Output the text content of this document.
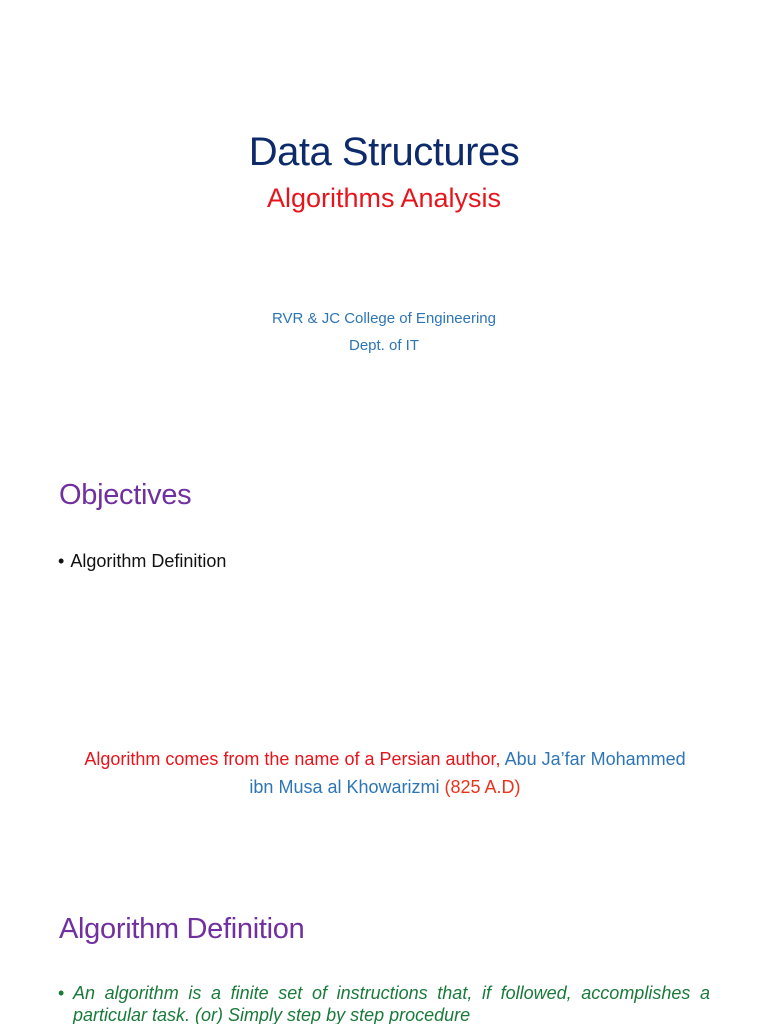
Data Structures
Algorithms Analysis
RVR & JC College of Engineering
Dept. of IT
Objectives
• Algorithm Definition
Algorithm comes from the name of a Persian author, Abu Ja’far Mohammed ibn Musa al Khowarizmi (825 A.D)
Algorithm Definition
• An algorithm is a finite set of instructions that, if followed, accomplishes a particular task. (or) Simply step by step procedure
